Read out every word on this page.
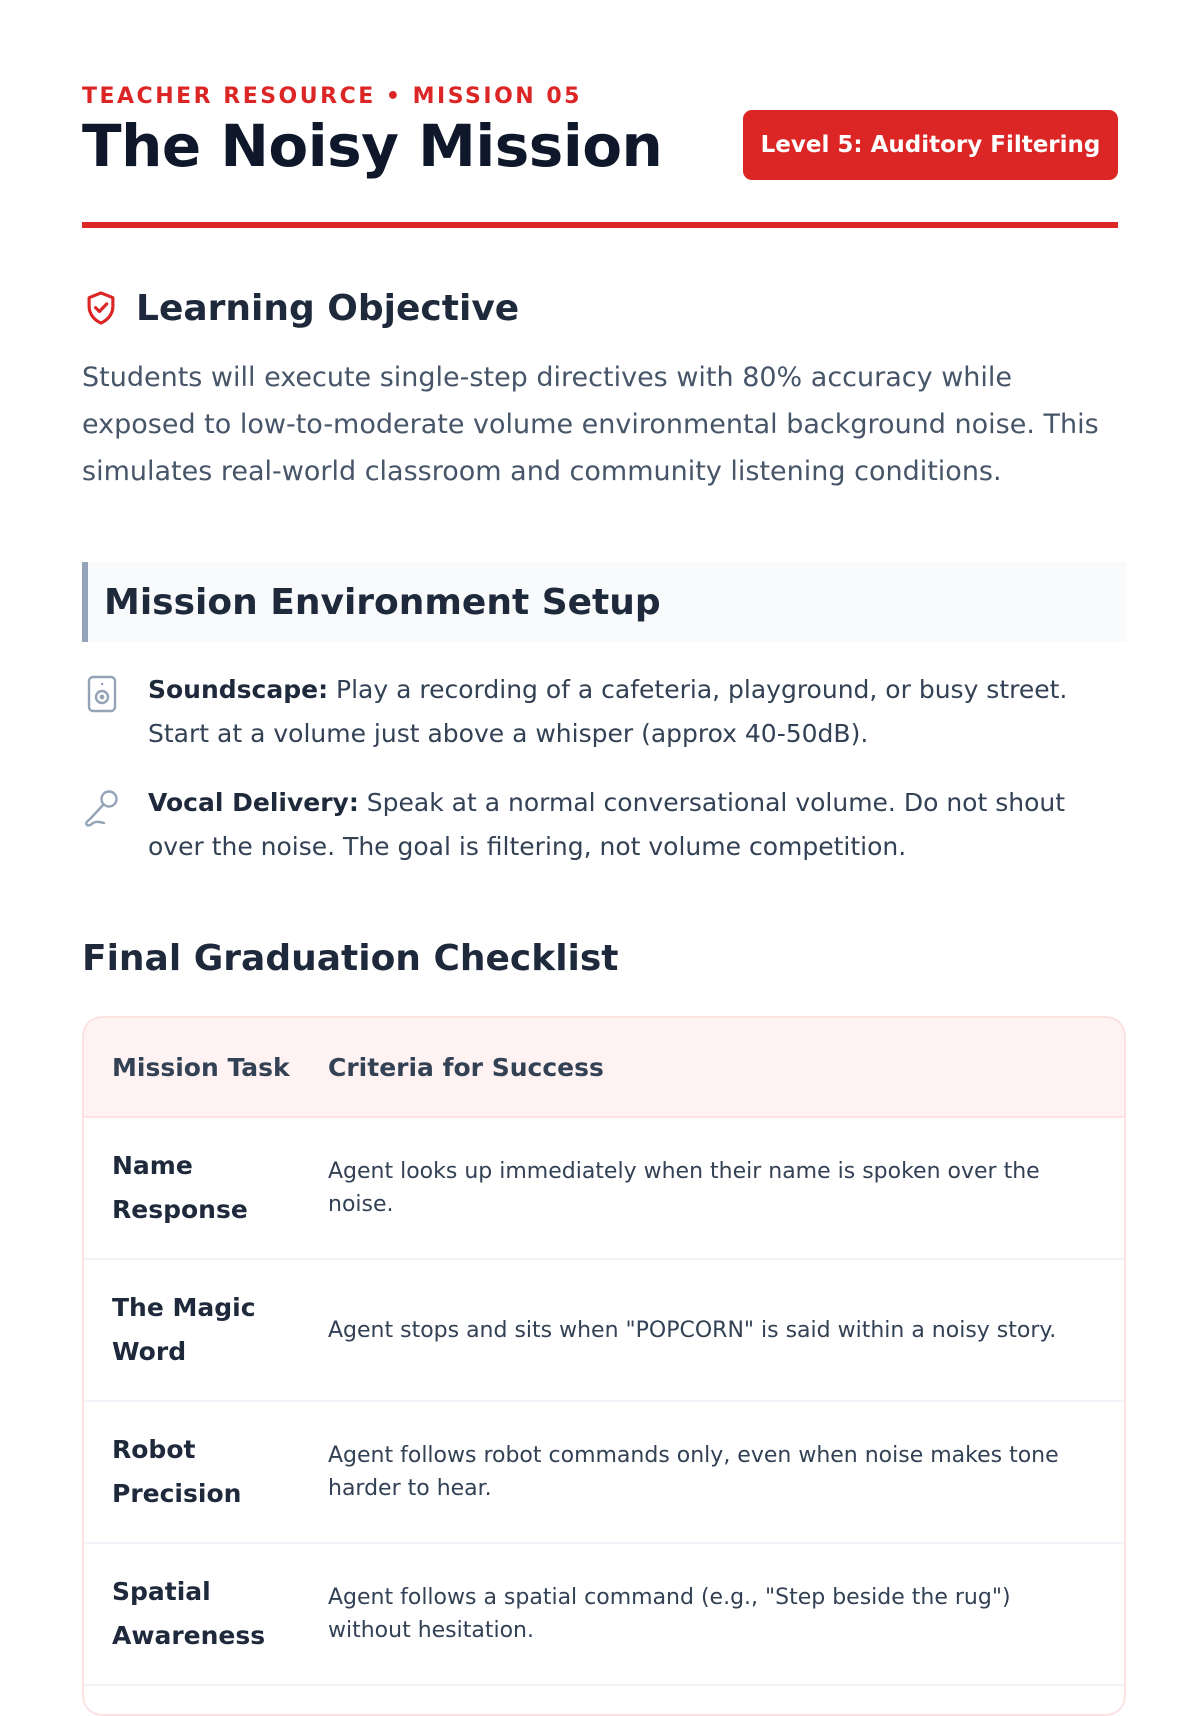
TEACHER RESOURCE • MISSION 05
The Noisy Mission	Level 5: Auditory Filtering
Learning Objective

Students will execute single-step directives with 80% accuracy while exposed to low-to-moderate volume environmental background noise. This simulates real-world classroom and community listening conditions.

Mission Environment Setup
Soundscape: Play a recording of a cafeteria, playground, or busy street. Start at a volume just above a whisper (approx 40-50dB).
Vocal Delivery: Speak at a normal conversational volume. Do not shout over the noise. The goal is filtering, not volume competition.
Final Graduation Checklist
Mission Task	Criteria for Success
Name Response
Agent looks up immediately when their name is spoken over the noise.
The Magic Word
Agent stops and sits when "POPCORN" is said within a noisy story.
Robot Precision
Agent follows robot commands only, even when noise makes tone harder to hear.
Spatial Awareness
Agent follows a spatial command (e.g., "Step beside the rug") without hesitation.
